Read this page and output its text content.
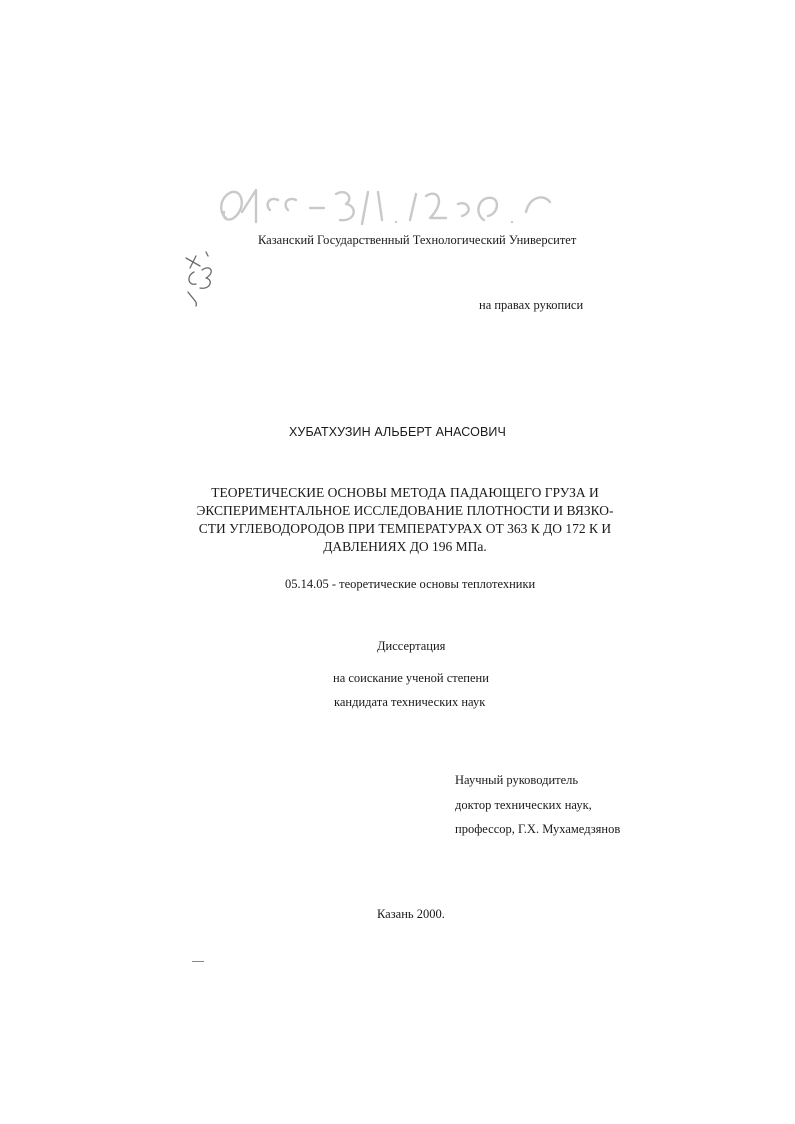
Казанский Государственный Технологический Университет
на правах рукописи
ХУБАТХУЗИН АЛЬБЕРТ АНАСОВИЧ
ТЕОРЕТИЧЕСКИЕ ОСНОВЫ МЕТОДА ПАДАЮЩЕГО ГРУЗА И
ЭКСПЕРИМЕНТАЛЬНОЕ ИССЛЕДОВАНИЕ ПЛОТНОСТИ И ВЯЗКО-
СТИ УГЛЕВОДОРОДОВ ПРИ ТЕМПЕРАТУРАХ ОТ 363 К ДО 172 К И
ДАВЛЕНИЯХ ДО 196 МПа.
05.14.05 - теоретические основы теплотехники
Диссертация
на соискание ученой степени
кандидата технических наук
Научный руководитель
доктор технических наук,
профессор, Г.Х. Мухамедзянов
Казань 2000.
